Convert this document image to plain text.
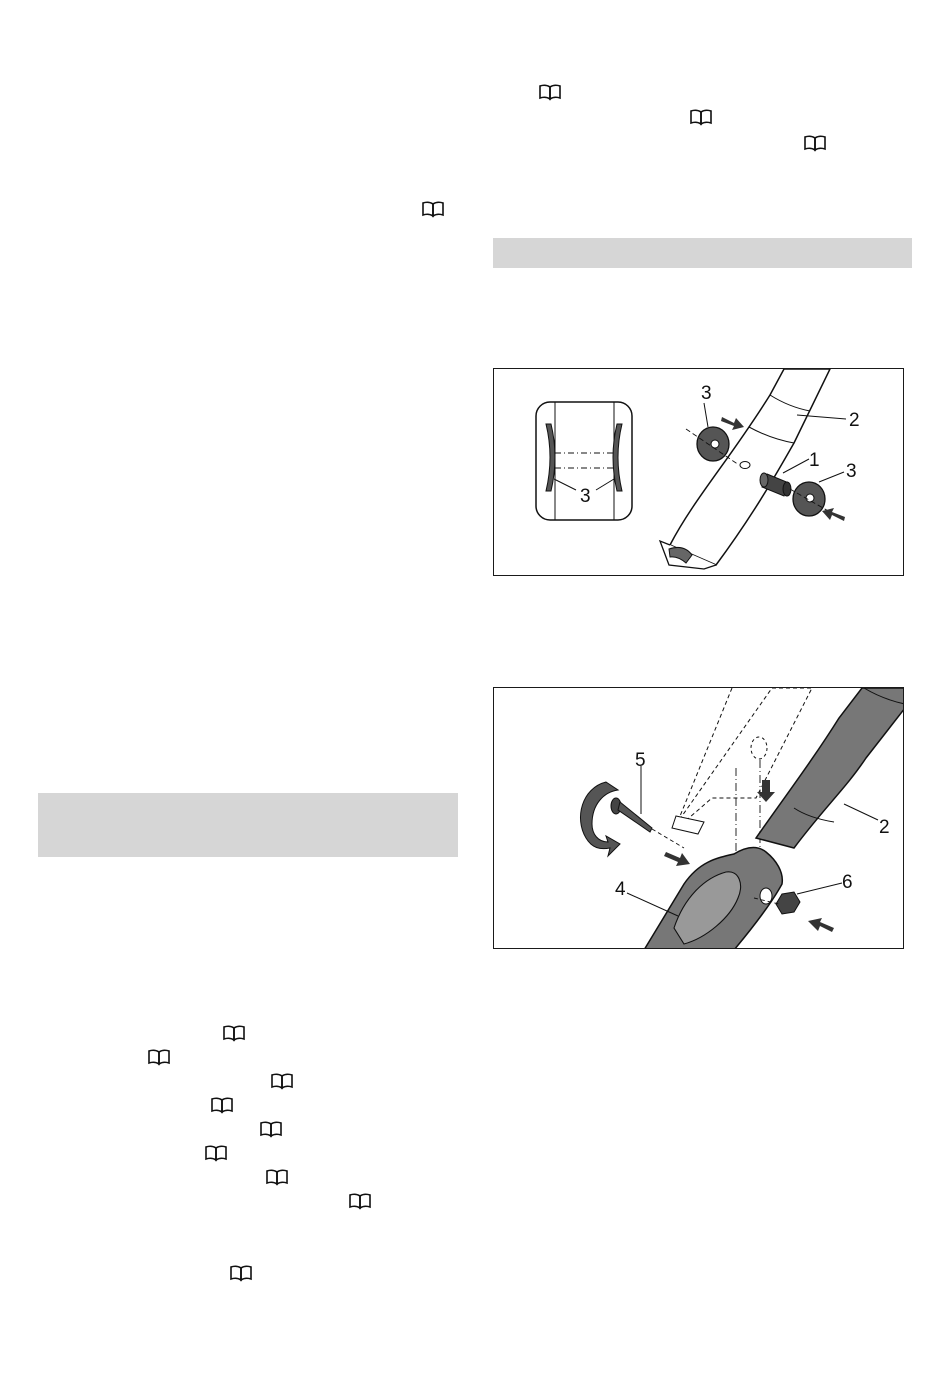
3
2
3
1
3
2
4
5
6
